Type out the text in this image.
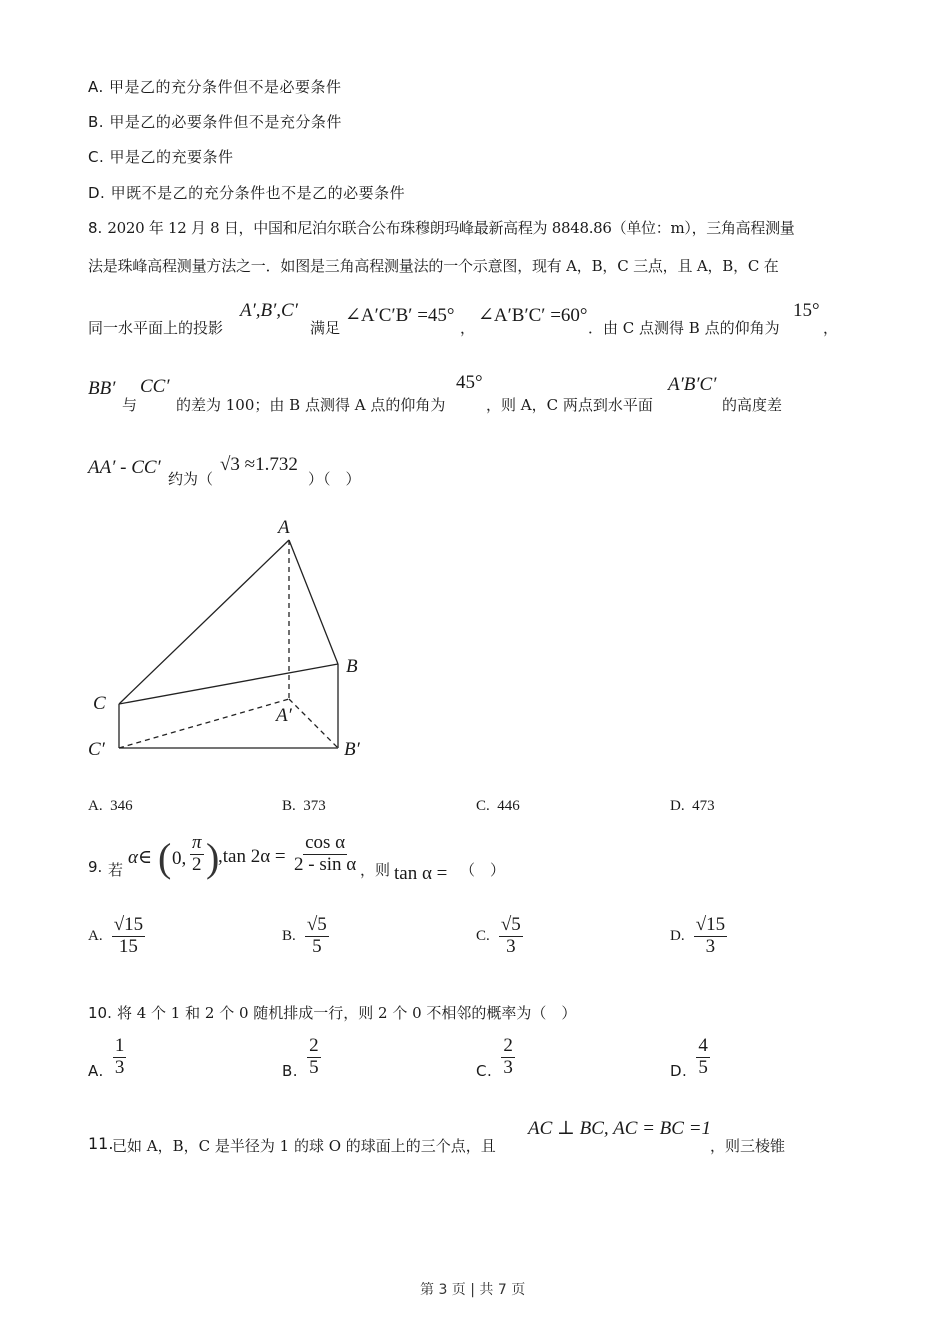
A. 甲是乙的充分条件但不是必要条件
B. 甲是乙的必要条件但不是充分条件
C. 甲是乙的充要条件
D. 甲既不是乙的充分条件也不是乙的必要条件
8. 2020 年 12 月 8 日，中国和尼泊尔联合公布珠穆朗玛峰最新高程为 8848.86（单位：m），三角高程测量
法是珠峰高程测量方法之一．如图是三角高程测量法的一个示意图，现有 A，B，C 三点，且 A，B，C 在
同一水平面上的投影
A′,B′,C′
满足
∠A′C′B′ =45°
，
∠A′B′C′ =60°
．由 C 点测得 B 点的仰角为
15°
，
BB′
与
CC′
的差为 100；由 B 点测得 A 点的仰角为
45°
，则 A，C 两点到水平面
A′B′C′
的高度差
AA′ - CC′
约为（
√3 ≈1.732
）（　）
A
B
C
A′
B′
C′
A. 346	B. 373	C. 446	D. 473
9. 若
α∈ ( 0, $\frac{\pi}{2}$ )
,tan $2\alpha = \frac{\text{cos α}}{\text{2 - sin α}}$ ，则 tan α = （　）
A. $\frac{√15}{15}$	B. $\frac{√5}{5}$	C. $\frac{√5}{3}$	D. $\frac{√15}{3}$
10. 将 4 个 1 和 2 个 0 随机排成一行，则 2 个 0 不相邻的概率为（　）
A. $\frac{1}{3}$	B. $\frac{2}{5}$	C. $\frac{2}{3}$	D. $\frac{4}{5}$
11.
已如 A，B，C 是半径为 1 的球 O 的球面上的三个点，且
AC ⊥ BC, AC = BC =1
，则三棱锥
第 3 页 | 共 7 页
